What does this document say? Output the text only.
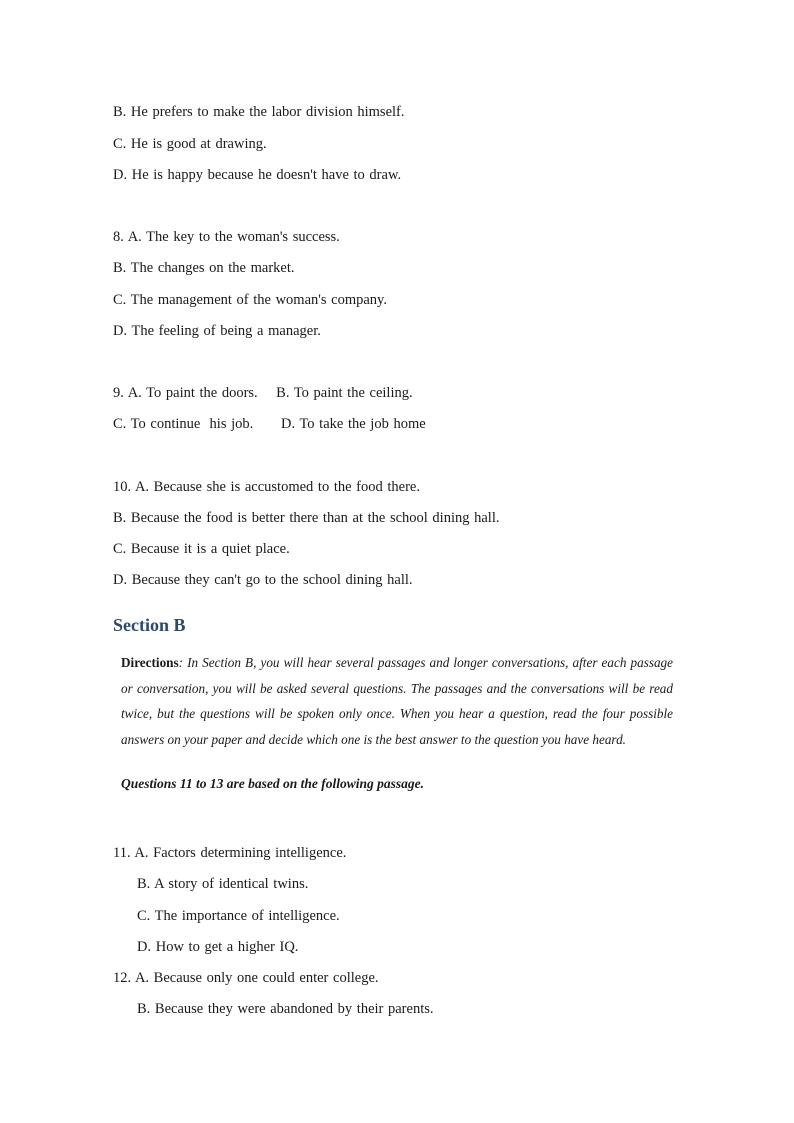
B. He prefers to make the labor division himself.
C. He is good at drawing.
D. He is happy because he doesn't have to draw.
8. A. The key to the woman's success.
B. The changes on the market.
C. The management of the woman's company.
D. The feeling of being a manager.
9. A. To paint the doors.    B. To paint the ceiling.
C. To continue  his job.      D. To take the job home
10. A. Because she is accustomed to the food there.
B. Because the food is better there than at the school dining hall.
C. Because it is a quiet place.
D. Because they can't go to the school dining hall.
Section B
Directions: In Section B, you will hear several passages and longer conversations, after each passage or conversation, you will be asked several questions. The passages and the conversations will be read twice, but the questions will be spoken only once. When you hear a question, read the four possible answers on your paper and decide which one is the best answer to the question you have heard.
Questions 11 to 13 are based on the following passage.
11. A. Factors determining intelligence.
B. A story of identical twins.
C. The importance of intelligence.
D. How to get a higher IQ.
12. A. Because only one could enter college.
B. Because they were abandoned by their parents.
